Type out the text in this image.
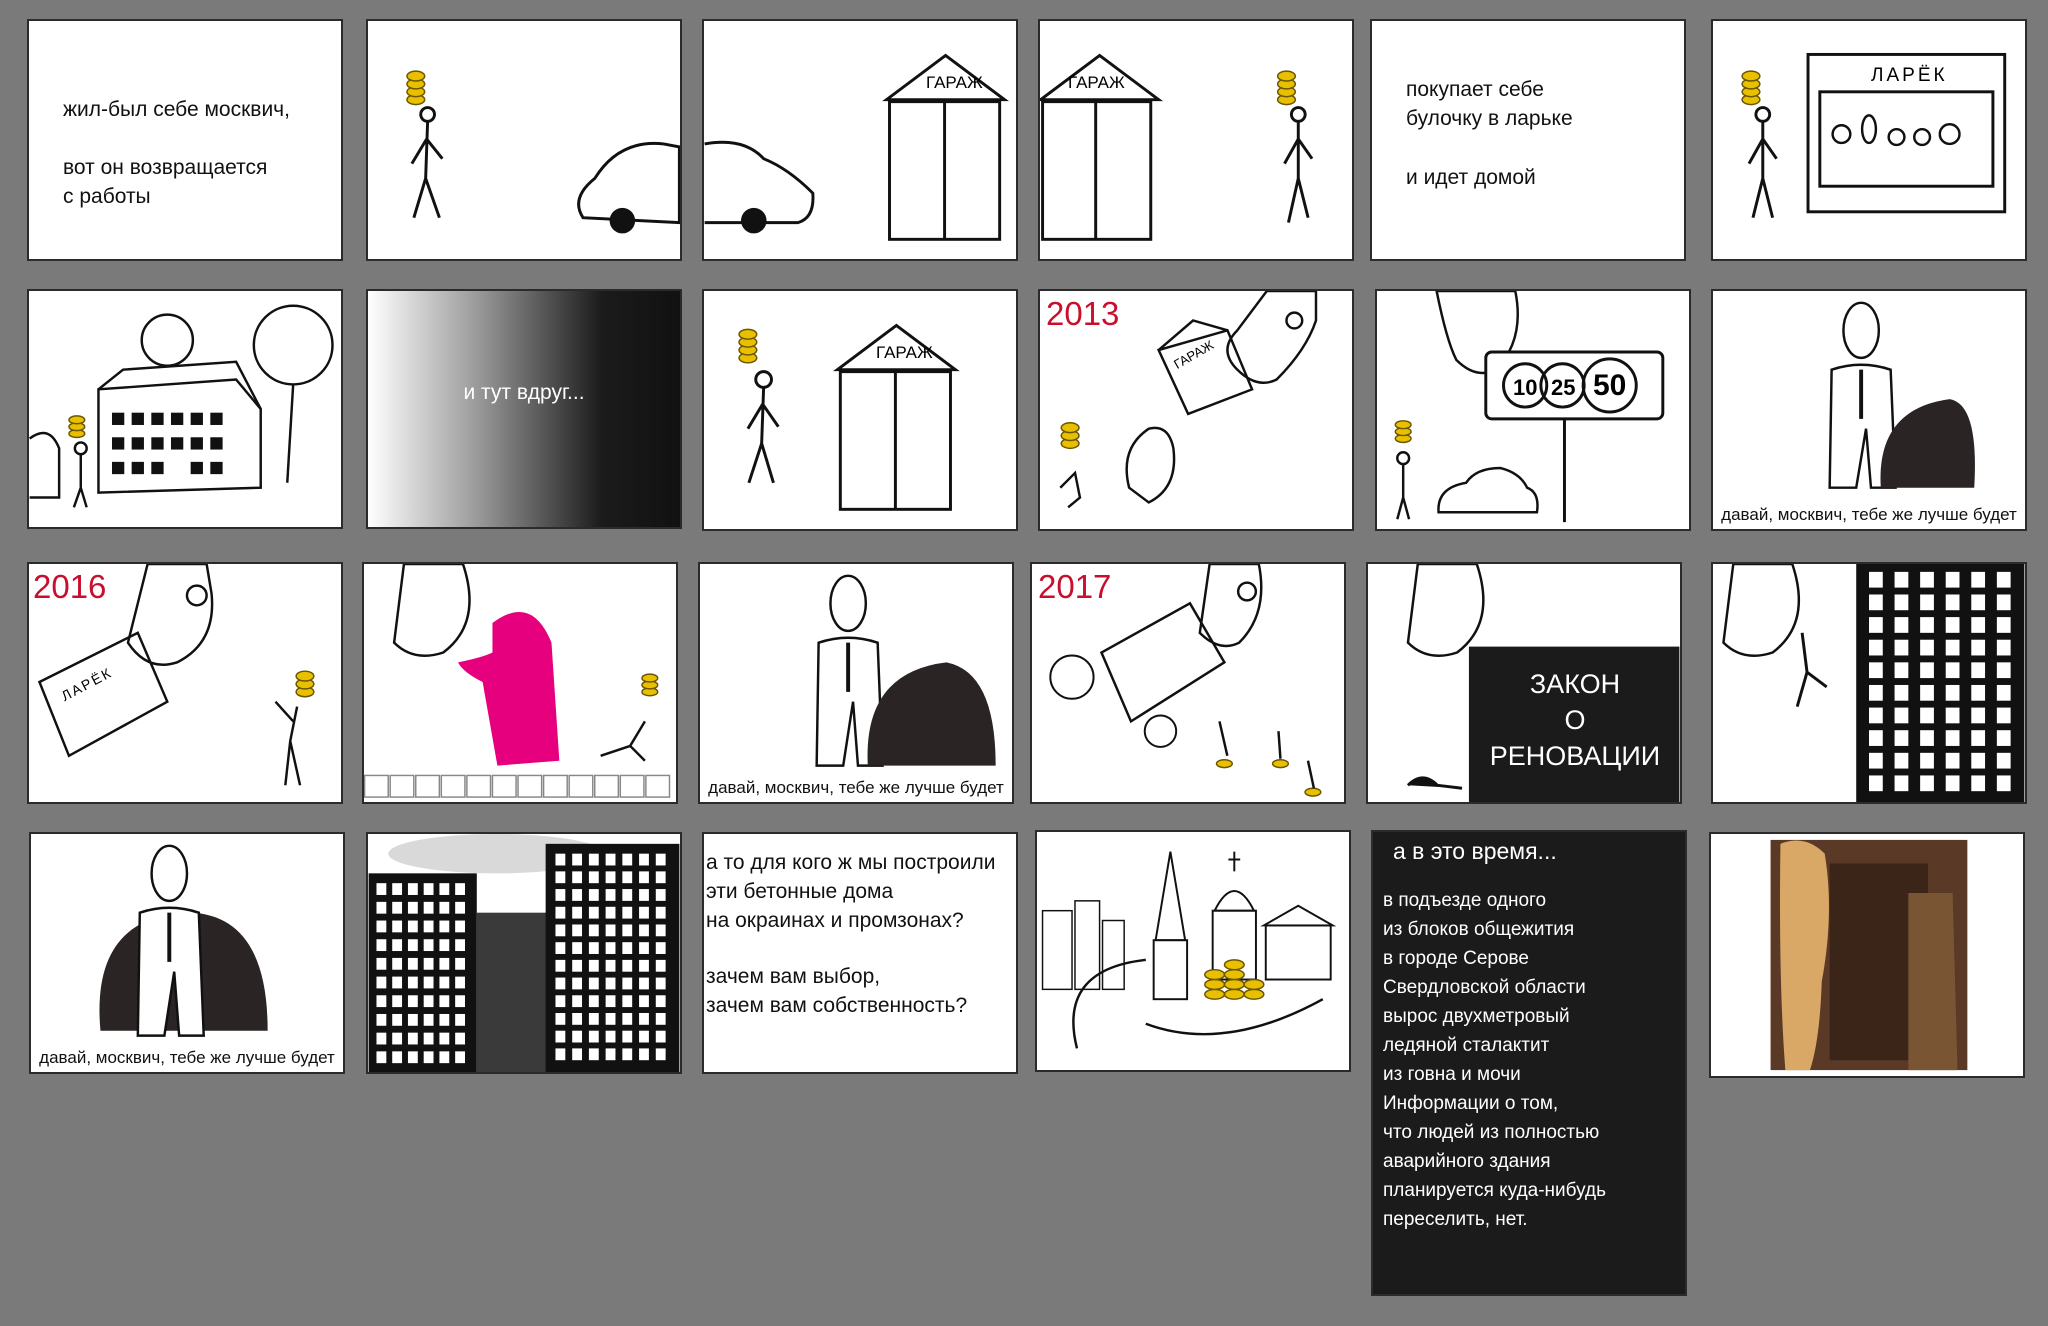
жил-был себе москвич,
вот он возвращается
с работы
ГАРАЖ	ГАРАЖ	покупает себе
булочку в ларьке
и идет домой
ЛАРЁК
и тут вдруг...
ГАРАЖ
2013
ГАРАЖ
10 25 50
давай, москвич, тебе же лучше будет
2016
ЛАРЁК
давай, москвич, тебе же лучше будет
2017
ЗАКОН
О
РЕНОВАЦИИ
давай, москвич, тебе же лучше будет
а то для кого ж мы построили
эти бетонные дома
на окраинах и промзонах?
зачем вам выбор,
зачем вам собственность?
а в это время...
в подъезде одного
из блоков общежития
в городе Серове
Свердловской области
вырос двухметровый
ледяной сталактит
из говна и мочи
Информации о том,
что людей из полностью
аварийного здания
планируется куда-нибудь
переселить, нет.
